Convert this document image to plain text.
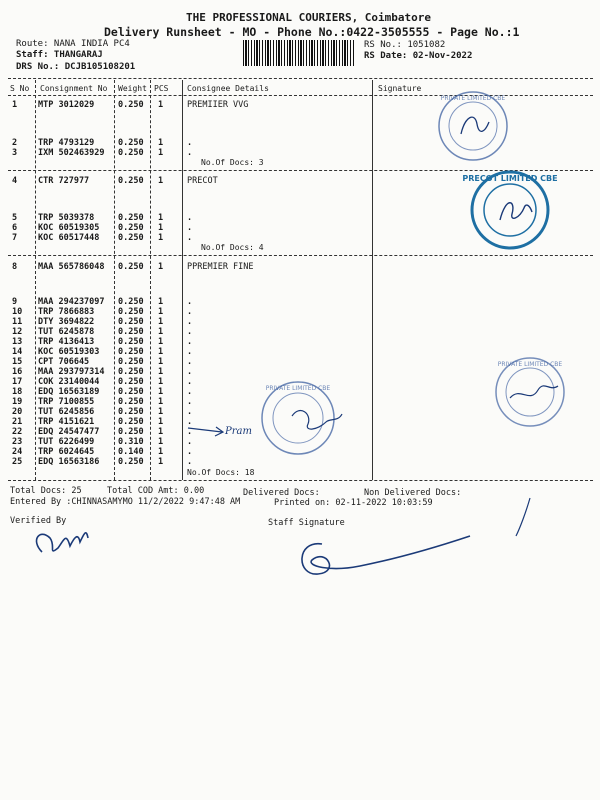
THE PROFESSIONAL COURIERS, Coimbatore
Delivery Runsheet - MO - Phone No.:0422-3505555 - Page No.:1
Route: NANA INDIA PC4
Staff: THANGARAJ
DRS No.: DCJB105108201
RS No.: 1051082
RS Date: 02-Nov-2022
S No Consignment No Weight PCS Consignee Details	Signature
1 MTP 3012029	0.250 1	PREMIIER VVG
2 TRP 4793129	0.250 1	.
3 IXM 502463929 0.250 1	.
No.Of Docs: 3
4 CTR 727977	0.250 1	PRECOT
5 TRP 5039378	0.250 1	.
6 KOC 60519305 0.250 1	.
7 KOC 60517448 0.250 1	.
No.Of Docs: 4
8 MAA 565786048 0.250 1	PPREMIER FINE
9 MAA 294237097 0.250 1	.
10 TRP 7866883	0.250 1	.
11 DTY 3694822	0.250 1	.
12 TUT 6245878	0.250 1	.
13 TRP 4136413	0.250 1	.
14 KOC 60519303 0.250 1	.
15 CPT 706645	0.250 1	.
16 MAA 293797314 0.250 1	.
17 COK 23140044 0.250 1	.
18 EDQ 16563189 0.250 1	.
19 TRP 7100855	0.250 1	.
20 TUT 6245856	0.250 1	.
21 TRP 4151621	0.250 1	.
22 EDQ 24547477 0.250 1	.
23 TUT 6226499	0.310 1	.
24 TRP 6024645	0.140 1	.
25 EDQ 16563186 0.250 1	.
No.Of Docs: 18
Total Docs: 25	Total COD Amt: 0.00	Delivered Docs:	Non Delivered Docs:
Entered By :CHINNASAMYMO 11/2/2022 9:47:48 AM	Printed on: 02-11-2022 10:03:59
Verified By	Staff Signature
PRIVATE LIMITED CBE
PRECOT LIMITED CBE
PRIVATE LIMITED CBE
PRIVATE LIMITED CBE
Pram
